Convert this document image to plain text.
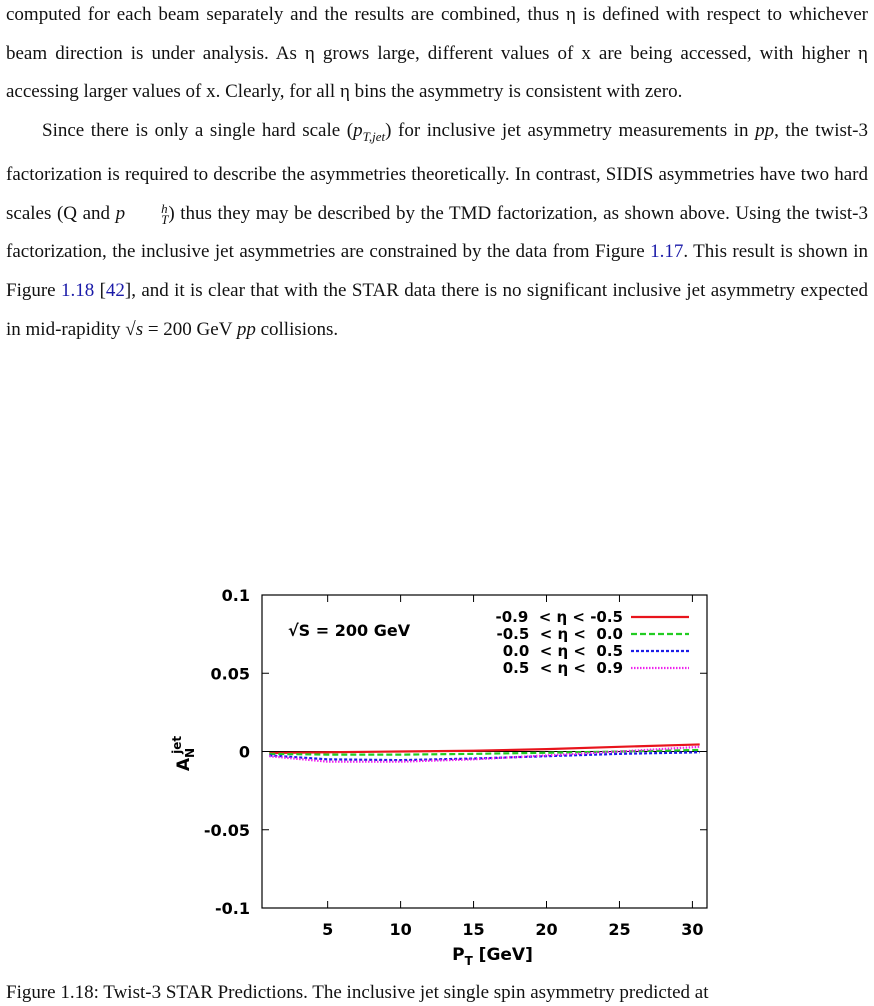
computed for each beam separately and the results are combined, thus η is defined with respect to whichever beam direction is under analysis. As η grows large, different values of x are being accessed, with higher η accessing larger values of x. Clearly, for all η bins the asymmetry is consistent with zero.

Since there is only a single hard scale $(p_{T,jet})$ for inclusive jet asymmetry measurements in pp, the twist-3 factorization is required to describe the asymmetries theoretically. In contrast, SIDIS asymmetries have two hard scales (Q and p	h
T ) thus they may be described by the TMD factorization, as shown above. Using the twist-3 factorization, the inclusive jet asymmetries are constrained by the data from Figure 1.17. This result is shown in Figure 1.18 [42], and it is clear that with the STAR data there is no significant inclusive jet asymmetry expected in mid-rapidity √s = 200 GeV pp collisions.

-0.9  < η < -0.5
-0.5  < η <  0.0
0.0  < η <  0.5
0.5  < η <  0.9
5	10	15	20	25	30
0.1
0.05
0
-0.05
-0.1
√S = 200 GeV
$P_T$ [GeV]
$A_Njet$
Figure 1.18: Twist-3 STAR Predictions. The inclusive jet single spin asymmetry predicted at
